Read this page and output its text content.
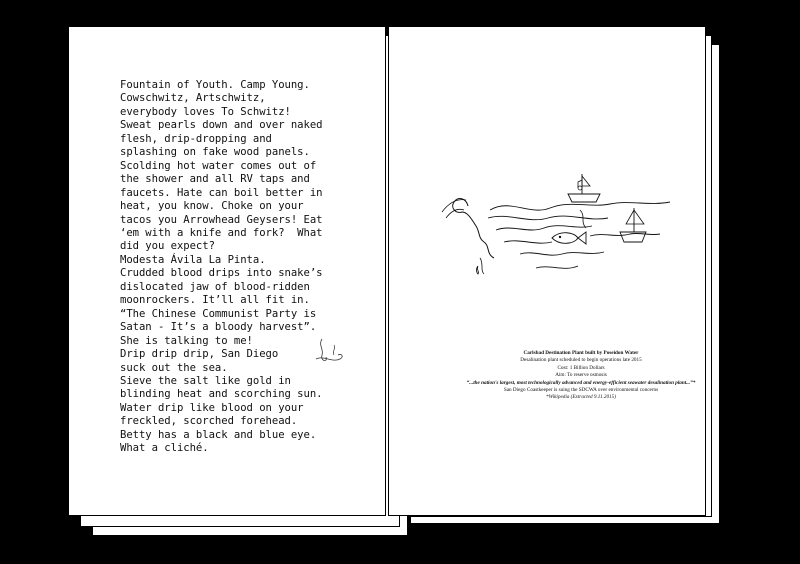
Fountain of Youth. Camp Young.
Cowschwitz, Artschwitz,
everybody loves To Schwitz!
Sweat pearls down and over naked
flesh, drip-dropping and
splashing on fake wood panels.
Scolding hot water comes out of
the shower and all RV taps and
faucets. Hate can boil better in
heat, you know. Choke on your
tacos you Arrowhead Geysers! Eat
‘em with a knife and fork?  What
did you expect?
Modesta Ávila La Pinta.
Crudded blood drips into snake’s
dislocated jaw of blood-ridden
moonrockers. It’ll all fit in.
“The Chinese Communist Party is
Satan - It’s a bloody harvest”.
She is talking to me!
Drip drip drip, San Diego
suck out the sea.
Sieve the salt like gold in
blinding heat and scorching sun.
Water drip like blood on your
freckled, scorched forehead.
Betty has a black and blue eye.
What a cliché.
Carlsbad Destination Plant built by Poseidon Water
Desalination plant scheduled to begin operations late 2015
Cost: 1 Billion Dollars
Aim: To reserve osmosis
“...the nation's largest, most technologically advanced and energy-efficient seawater desalination plant...”*
San Diego Coastkeeper is suing the SDCWA over environmental concerns
*Wikipedia (Extracted 9.11.2015)
